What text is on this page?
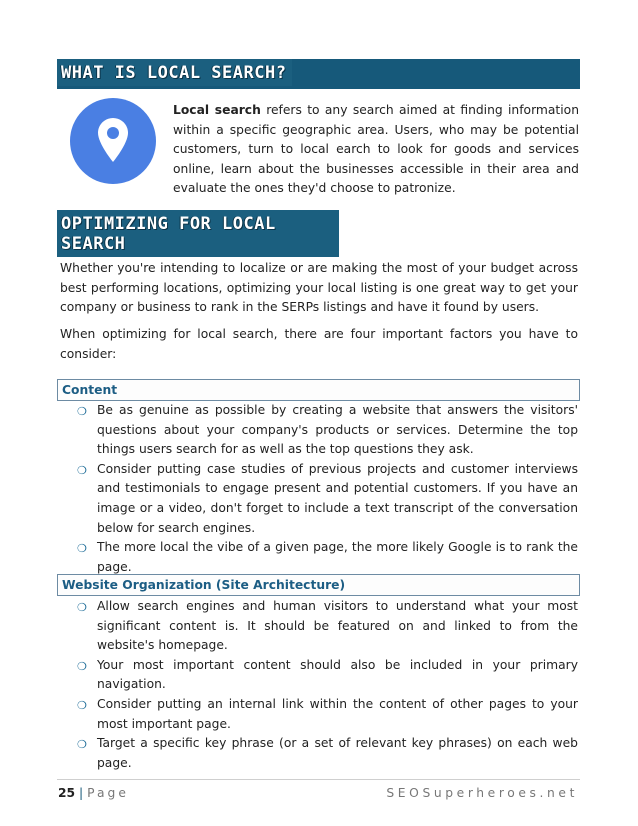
WHAT IS LOCAL SEARCH?
Local search refers to any search aimed at finding information within a specific geographic area. Users, who may be potential customers, turn to local earch to look for goods and services online, learn about the businesses accessible in their area and evaluate the ones they'd choose to patronize.
OPTIMIZING FOR LOCAL SEARCH

Whether you're intending to localize or are making the most of your budget across best performing locations, optimizing your local listing is one great way to get your company or business to rank in the SERPs listings and have it found by users.

When optimizing for local search, there are four important factors you have to consider:

Content
❍ Be as genuine as possible by creating a website that answers the visitors' questions about your company's products or services. Determine the top things users search for as well as the top questions they ask.
❍ Consider putting case studies of previous projects and customer interviews and testimonials to engage present and potential customers. If you have an image or a video, don't forget to include a text transcript of the conversation below for search engines.
❍ The more local the vibe of a given page, the more likely Google is to rank the page.
Website Organization (Site Architecture)
❍ Allow search engines and human visitors to understand what your most significant content is. It should be featured on and linked to from the website's homepage.
❍ Your most important content should also be included in your primary navigation.
❍ Consider putting an internal link within the content of other pages to your most important page.
❍ Target a specific key phrase (or a set of relevant key phrases) on each web page.
25 | Page	SEOSuperheroes.net
